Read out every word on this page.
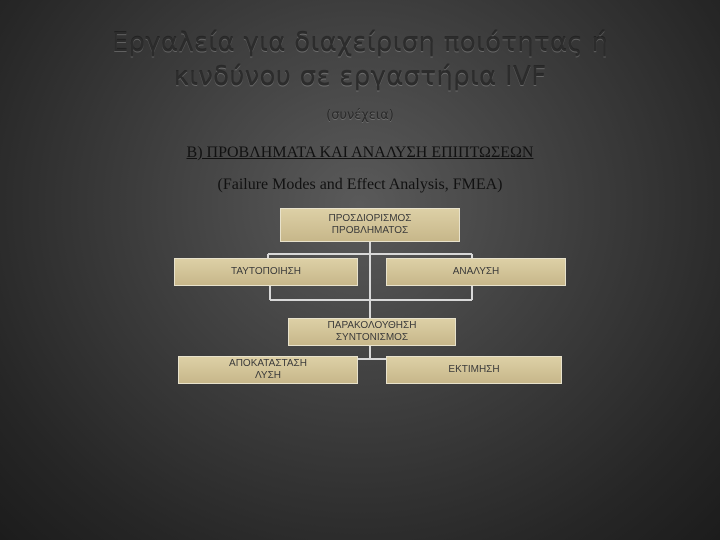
Εργαλεία για διαχείριση ποιότητας ή
κινδύνου σε εργαστήρια IVF
(συνέχεια)
Β) ΠΡΟΒΛΗΜΑΤΑ ΚΑΙ ΑΝΑΛΥΣΗ ΕΠΙΠΤΩΣΕΩΝ
(Failure Modes and Effect Analysis, FMEA)
ΠΡΟΣΔΙΟΡΙΣΜΟΣ
ΠΡΟΒΛΗΜΑΤΟΣ
ΤΑΥΤΟΠΟΙΗΣΗ	ΑΝΑΛΥΣΗ
ΠΑΡΑΚΟΛΟΥΘΗΣΗ
ΣΥΝΤΟΝΙΣΜΟΣ
ΑΠΟΚΑΤΑΣΤΑΣΗ
ΛΥΣΗ
ΕΚΤΙΜΗΣΗ
